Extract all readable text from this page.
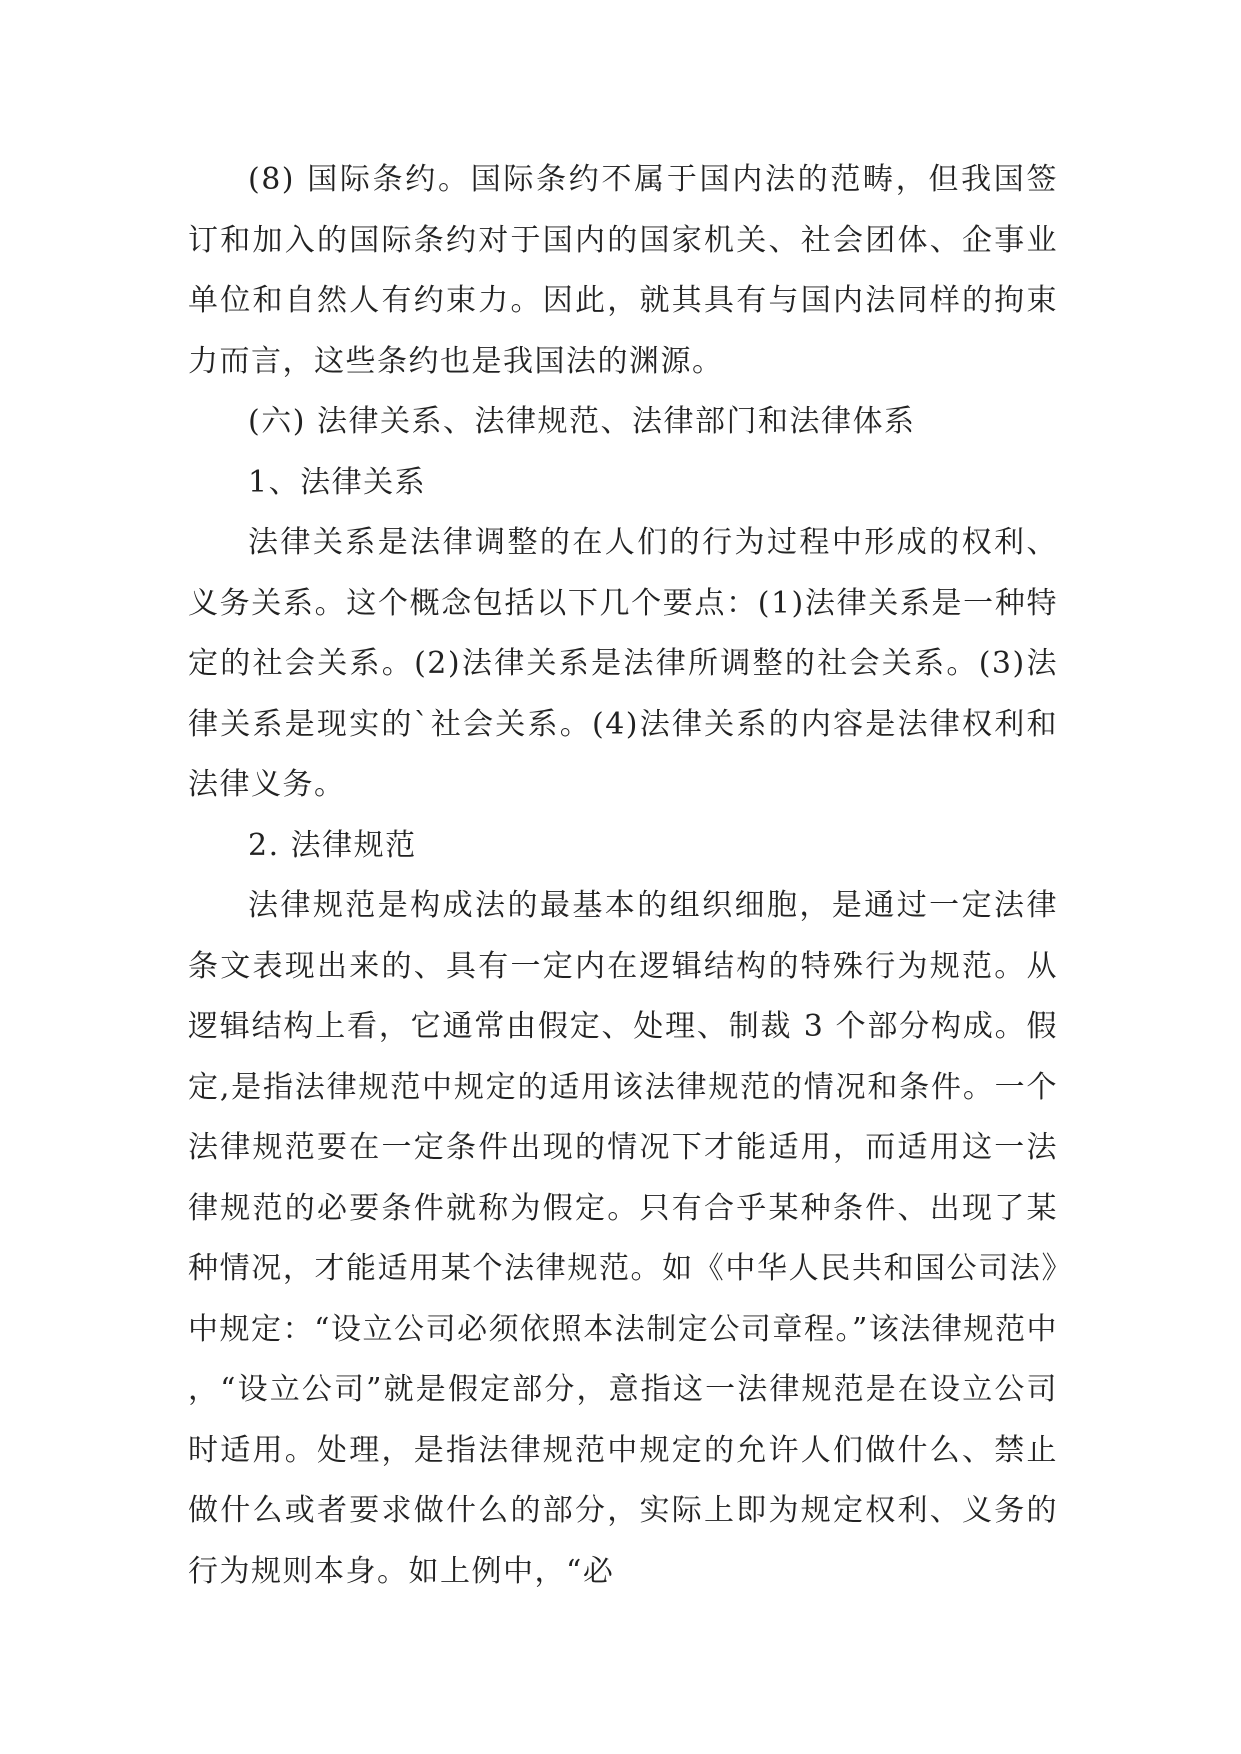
(8) 国际条约。国际条约不属于国内法的范畴，但我国签订和加入的国际条约对于国内的国家机关、社会团体、企事业单位和自然人有约束力。因此，就其具有与国内法同样的拘束力而言，这些条约也是我国法的渊源。

(六) 法律关系、法律规范、法律部门和法律体系

1、法律关系

法律关系是法律调整的在人们的行为过程中形成的权利、义务关系。这个概念包括以下几个要点：(1)法律关系是一种特定的社会关系。(2)法律关系是法律所调整的社会关系。(3)法律关系是现实的`社会关系。(4)法律关系的内容是法律权利和法律义务。

2. 法律规范

法律规范是构成法的最基本的组织细胞，是通过一定法律条文表现出来的、具有一定内在逻辑结构的特殊行为规范。从逻辑结构上看，它通常由假定、处理、制裁 3 个部分构成。假定,是指法律规范中规定的适用该法律规范的情况和条件。一个法律规范要在一定条件出现的情况下才能适用，而适用这一法律规范的必要条件就称为假定。只有合乎某种条件、出现了某种情况，才能适用某个法律规范。如《中华人民共和国公司法》中规定：“设立公司必须依照本法制定公司章程。”该法律规范中，“设立公司”就是假定部分，意指这一法律规范是在设立公司时适用。处理，是指法律规范中规定的允许人们做什么、禁止做什么或者要求做什么的部分，实际上即为规定权利、义务的行为规则本身。如上例中，“必
